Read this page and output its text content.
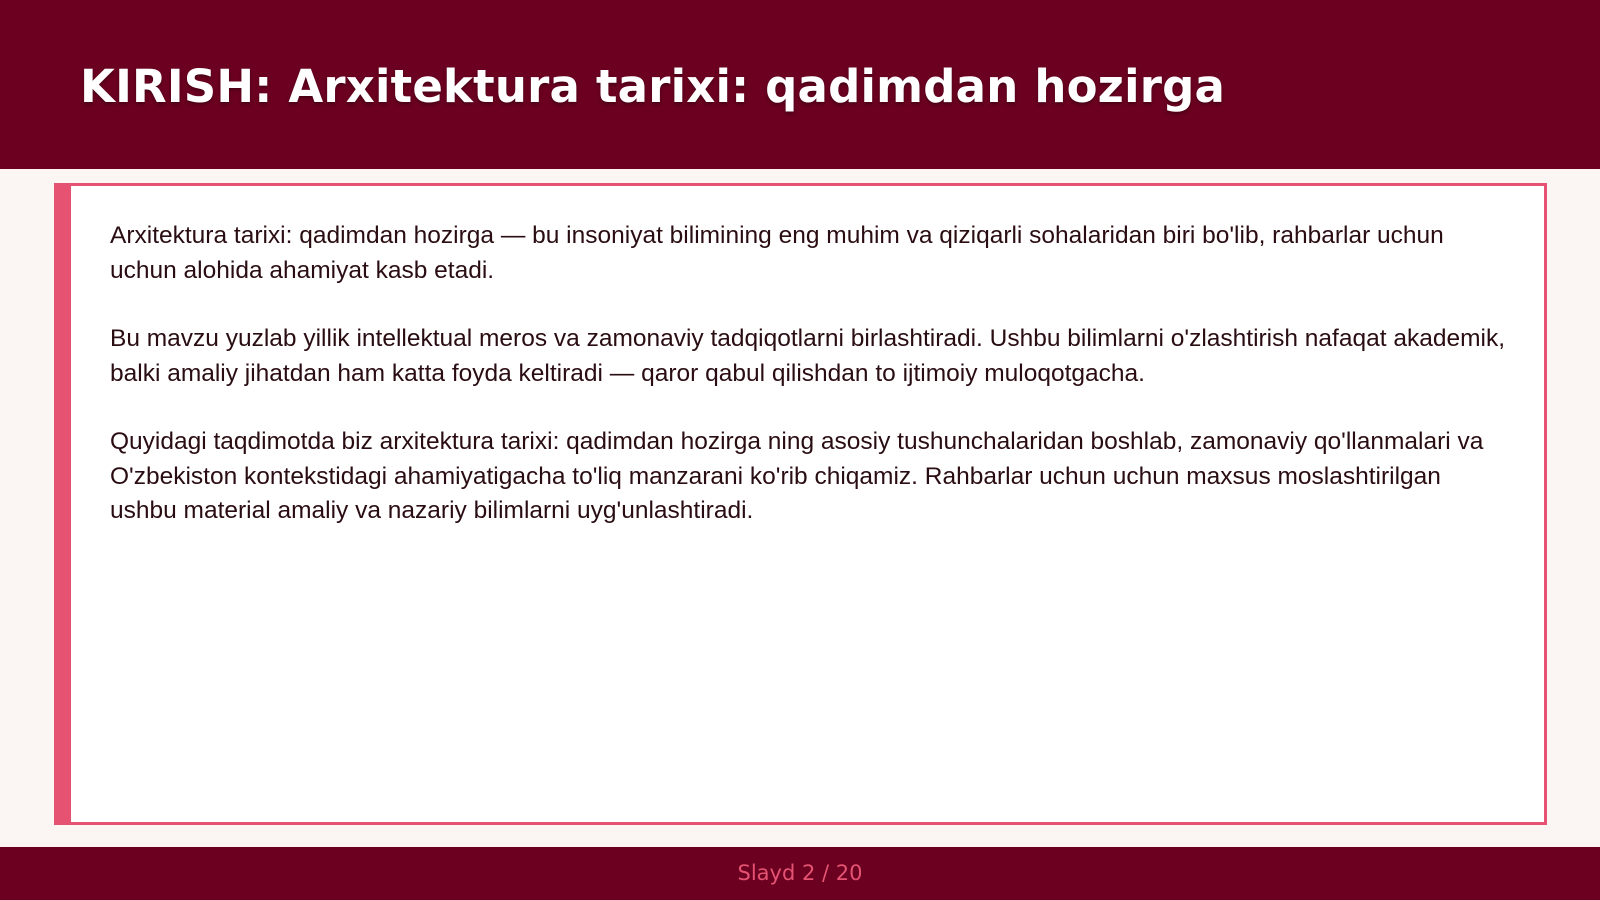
KIRISH: Arxitektura tarixi: qadimdan hozirga

Arxitektura tarixi: qadimdan hozirga — bu insoniyat bilimining eng muhim va qiziqarli sohalaridan biri bo'lib, rahbarlar uchun uchun alohida ahamiyat kasb etadi.

Bu mavzu yuzlab yillik intellektual meros va zamonaviy tadqiqotlarni birlashtiradi. Ushbu bilimlarni o'zlashtirish nafaqat akademik, balki amaliy jihatdan ham katta foyda keltiradi — qaror qabul qilishdan to ijtimoiy muloqotgacha.

Quyidagi taqdimotda biz arxitektura tarixi: qadimdan hozirga ning asosiy tushunchalaridan boshlab, zamonaviy qo'llanmalari va O'zbekiston kontekstidagi ahamiyatigacha to'liq manzarani ko'rib chiqamiz. Rahbarlar uchun uchun maxsus moslashtirilgan ushbu material amaliy va nazariy bilimlarni uyg'unlashtiradi.

Slayd 2 / 20
